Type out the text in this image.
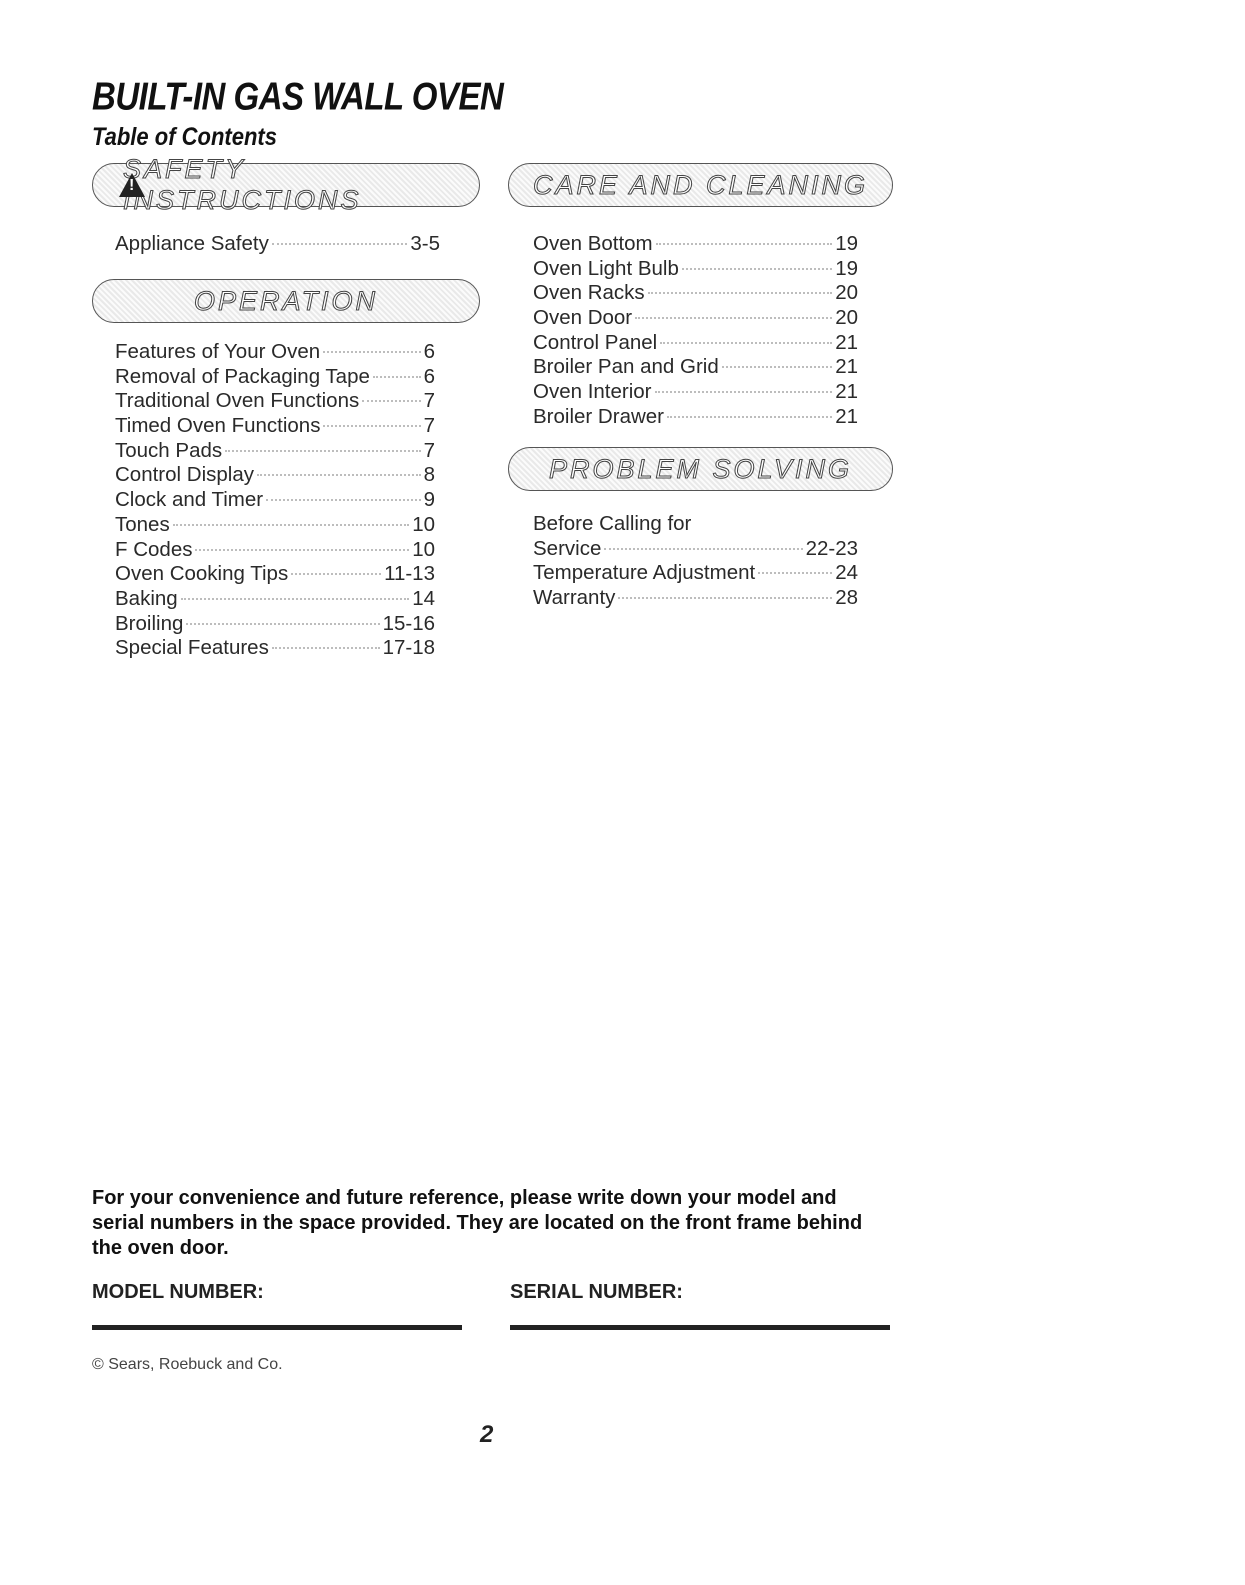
BUILT-IN GAS WALL OVEN
Table of Contents
!
SAFETY INSTRUCTIONS
Appliance Safety	3-5
OPERATION
Features of Your Oven	6
Removal of Packaging Tape	6
Traditional Oven Functions	7
Timed Oven Functions	7
Touch Pads	7
Control Display	8
Clock and Timer	9
Tones	10
F Codes	10
Oven Cooking Tips	11-13
Baking	14
Broiling	15-16
Special Features	17-18
CARE AND CLEANING
Oven Bottom	19
Oven Light Bulb	19
Oven Racks	20
Oven Door	20
Control Panel	21
Broiler Pan and Grid	21
Oven Interior	21
Broiler Drawer	21
PROBLEM SOLVING
Before Calling for
Service	22-23
Temperature Adjustment	24
Warranty	28

For your convenience and future reference, please write down your model and serial numbers in the space provided. They are located on the front frame behind the oven door.

MODEL NUMBER:	SERIAL NUMBER:

© Sears, Roebuck and Co.
2
